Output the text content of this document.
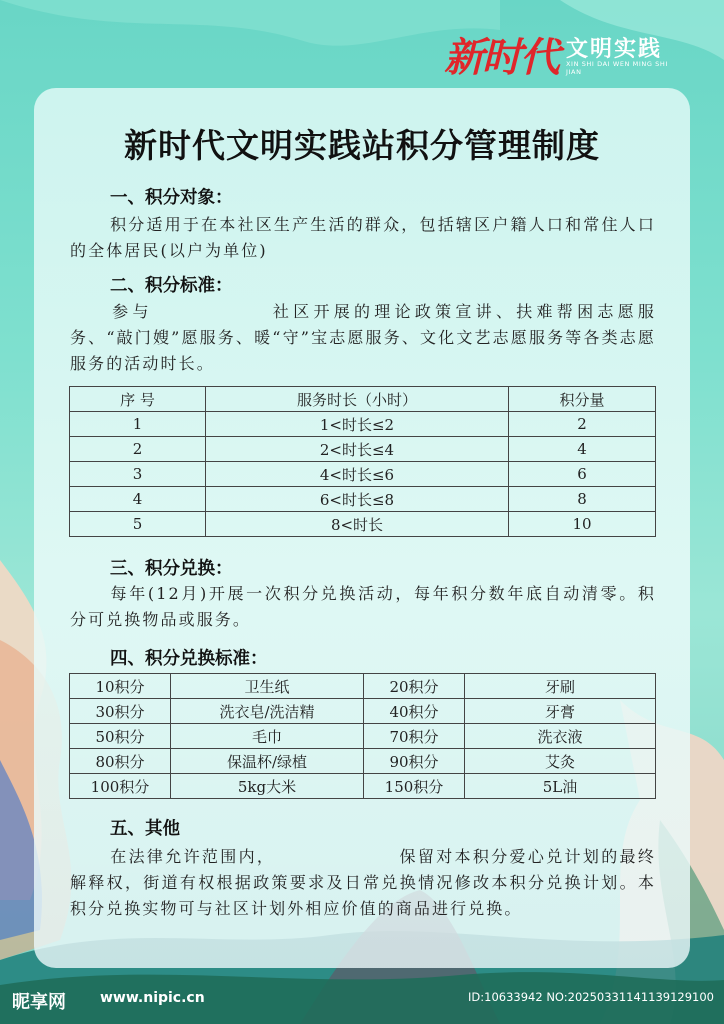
新时代 文明实践
XIN SHI DAI WEN MING SHI JIAN
新时代文明实践站积分管理制度
一、积分对象：
积分适用于在本社区生产生活的群众，包括辖区户籍人口和常住人口的全体居民(以户为单位)
二、积分标准：
参与	社区开展的理论政策宣讲、扶难帮困志愿服务、“敲门嫂”愿服务、暖“守”宝志愿服务、文化文艺志愿服务等各类志愿服务的活动时长。
序 号	服务时长（小时）	积分量
1	1<时长≤2	2
2	2<时长≤4	4
3	4<时长≤6	6
4	6<时长≤8	8
5	8<时长	10
三、积分兑换：
每年(12月)开展一次积分兑换活动，每年积分数年底自动清零。积分可兑换物品或服务。
四、积分兑换标准：
10积分	卫生纸	20积分	牙刷
30积分	洗衣皂/洗洁精	40积分	牙膏
50积分	毛巾	70积分	洗衣液
80积分	保温杯/绿植	90积分	艾灸
100积分	5kg大米	150积分	5L油
五、其他
在法律允许范围内，	保留对本积分爱心兑计划的最终解释权，街道有权根据政策要求及日常兑换情况修改本积分兑换计划。本积分兑换实物可与社区计划外相应价值的商品进行兑换。
昵享网 www.nipic.cn	ID:10633942 NO:20250331141139129100
